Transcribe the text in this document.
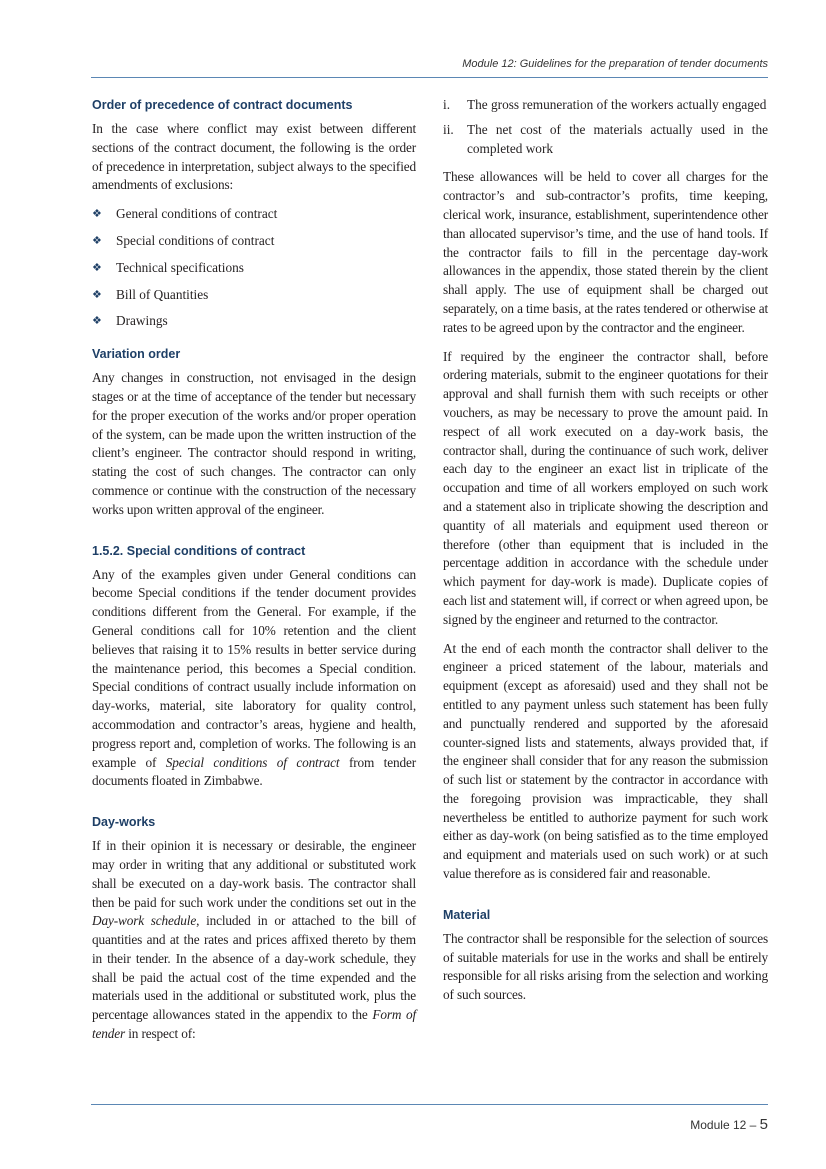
Module 12: Guidelines for the preparation of tender documents
Order of precedence of contract documents

In the case where conflict may exist between different sections of the contract document, the following is the order of precedence in interpretation, subject always to the specified amendments of exclusions:

❖	General conditions of contract
❖	Special conditions of contract
❖	Technical specifications
❖	Bill of Quantities
❖	Drawings
Variation order

Any changes in construction, not envisaged in the design stages or at the time of acceptance of the tender but necessary for the proper execution of the works and/or proper operation of the system, can be made upon the written instruction of the client’s engineer. The contractor should respond in writing, stating the cost of such changes. The contractor can only commence or continue with the construction of the necessary works upon written approval of the engineer.

1.5.2. Special conditions of contract

Any of the examples given under General conditions can become Special conditions if the tender document provides conditions different from the General. For example, if the General conditions call for 10% retention and the client believes that raising it to 15% results in better service during the maintenance period, this becomes a Special condition. Special conditions of contract usually include information on day-works, material, site laboratory for quality control, accommodation and contractor’s areas, hygiene and health, progress report and, completion of works. The following is an example of Special conditions of contract from tender documents floated in Zimbabwe.

Day-works

If in their opinion it is necessary or desirable, the engineer may order in writing that any additional or substituted work shall be executed on a day-work basis. The contractor shall then be paid for such work under the conditions set out in the Day-work schedule, included in or attached to the bill of quantities and at the rates and prices affixed thereto by them in their tender. In the absence of a day-work schedule, they shall be paid the actual cost of the time expended and the materials used in the additional or substituted work, plus the percentage allowances stated in the appendix to the Form of tender in respect of:

i.	The gross remuneration of the workers actually engaged
ii. The net cost of the materials actually used in the completed work

These allowances will be held to cover all charges for the contractor’s and sub-contractor’s profits, time keeping, clerical work, insurance, establishment, superintendence other than allocated supervisor’s time, and the use of hand tools. If the contractor fails to fill in the percentage day-work allowances in the appendix, those stated therein by the client shall apply. The use of equipment shall be charged out separately, on a time basis, at the rates tendered or otherwise at rates to be agreed upon by the contractor and the engineer.

If required by the engineer the contractor shall, before ordering materials, submit to the engineer quotations for their approval and shall furnish them with such receipts or other vouchers, as may be necessary to prove the amount paid. In respect of all work executed on a day-work basis, the contractor shall, during the continuance of such work, deliver each day to the engineer an exact list in triplicate of the occupation and time of all workers employed on such work and a statement also in triplicate showing the description and quantity of all materials and equipment used thereon or therefore (other than equipment that is included in the percentage addition in accordance with the schedule under which payment for day-work is made). Duplicate copies of each list and statement will, if correct or when agreed upon, be signed by the engineer and returned to the contractor.

At the end of each month the contractor shall deliver to the engineer a priced statement of the labour, materials and equipment (except as aforesaid) used and they shall not be entitled to any payment unless such statement has been fully and punctually rendered and supported by the aforesaid counter-signed lists and statements, always provided that, if the engineer shall consider that for any reason the submission of such list or statement by the contractor in accordance with the foregoing provision was impracticable, they shall nevertheless be entitled to authorize payment for such work either as day-work (on being satisfied as to the time employed and equipment and materials used on such work) or at such value therefore as is considered fair and reasonable.

Material

The contractor shall be responsible for the selection of sources of suitable materials for use in the works and shall be entirely responsible for all risks arising from the selection and working of such sources.

Module 12 – 5
